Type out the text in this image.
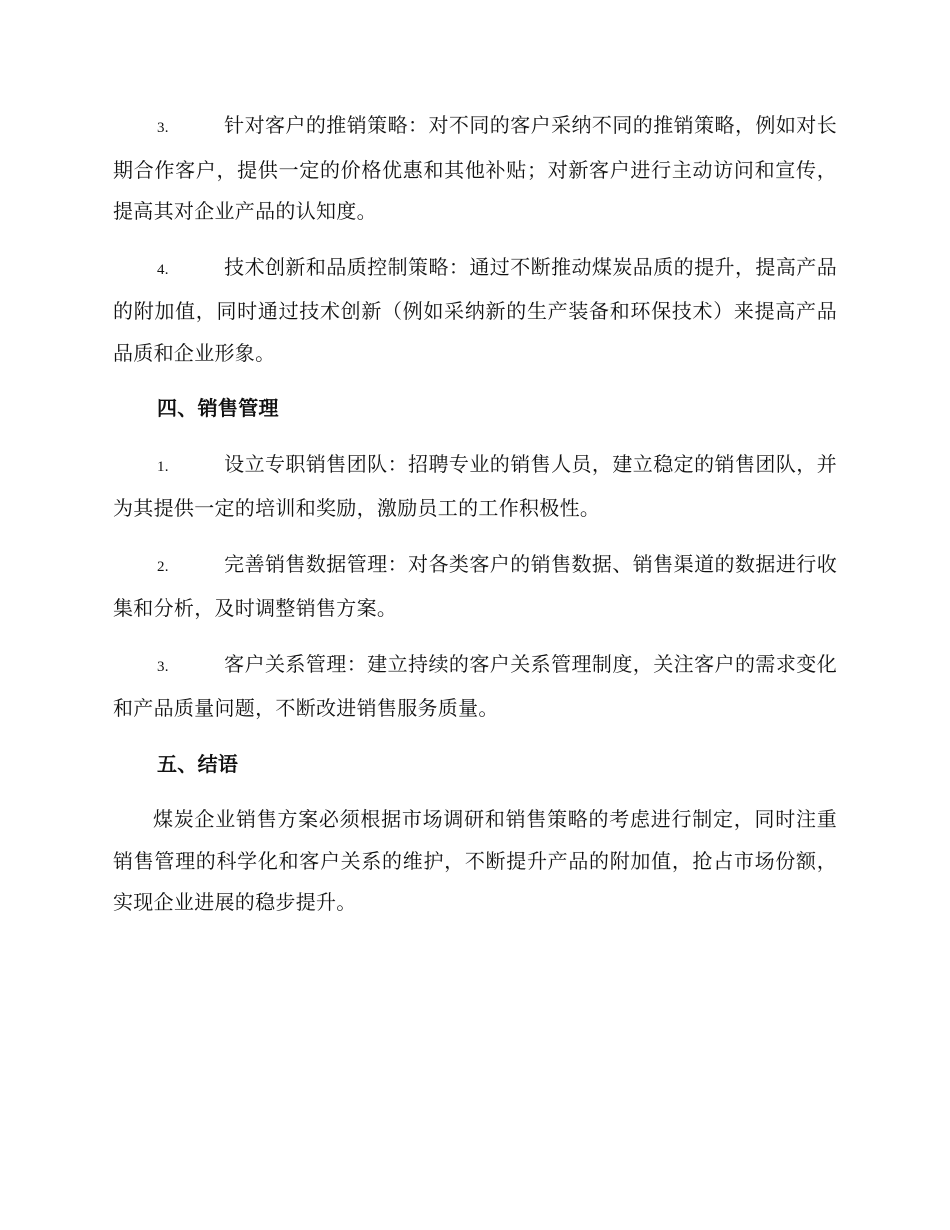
3.	针对客户的推销策略：对不同的客户采纳不同的推销策略，例如对长期合作客户，提供一定的价格优惠和其他补贴；对新客户进行主动访问和宣传，提高其对企业产品的认知度。

4.	技术创新和品质控制策略：通过不断推动煤炭品质的提升，提高产品的附加值，同时通过技术创新（例如采纳新的生产装备和环保技术）来提高产品品质和企业形象。

四、销售管理

1.	设立专职销售团队：招聘专业的销售人员，建立稳定的销售团队，并为其提供一定的培训和奖励，激励员工的工作积极性。

2.	完善销售数据管理：对各类客户的销售数据、销售渠道的数据进行收集和分析，及时调整销售方案。

3.	客户关系管理：建立持续的客户关系管理制度，关注客户的需求变化和产品质量问题，不断改进销售服务质量。

五、结语

煤炭企业销售方案必须根据市场调研和销售策略的考虑进行制定，同时注重销售管理的科学化和客户关系的维护，不断提升产品的附加值，抢占市场份额，实现企业进展的稳步提升。
